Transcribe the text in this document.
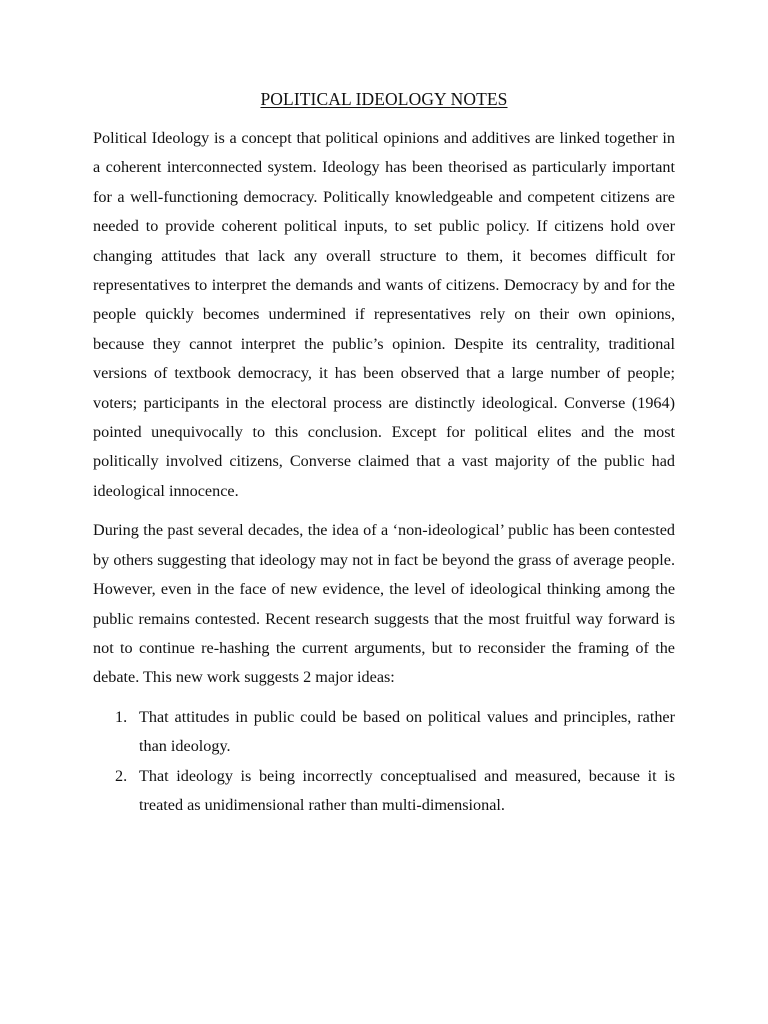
POLITICAL IDEOLOGY NOTES

Political Ideology is a concept that political opinions and additives are linked together in a coherent interconnected system. Ideology has been theorised as particularly important for a well-functioning democracy. Politically knowledgeable and competent citizens are needed to provide coherent political inputs, to set public policy. If citizens hold over changing attitudes that lack any overall structure to them, it becomes difficult for representatives to interpret the demands and wants of citizens. Democracy by and for the people quickly becomes undermined if representatives rely on their own opinions, because they cannot interpret the public’s opinion. Despite its centrality, traditional versions of textbook democracy, it has been observed that a large number of people; voters; participants in the electoral process are distinctly ideological. Converse (1964) pointed unequivocally to this conclusion. Except for political elites and the most politically involved citizens, Converse claimed that a vast majority of the public had ideological innocence.

During the past several decades, the idea of a ‘non-ideological’ public has been contested by others suggesting that ideology may not in fact be beyond the grass of average people. However, even in the face of new evidence, the level of ideological thinking among the public remains contested. Recent research suggests that the most fruitful way forward is not to continue re-hashing the current arguments, but to reconsider the framing of the debate. This new work suggests 2 major ideas:

1. That attitudes in public could be based on political values and principles, rather than ideology.
2. That ideology is being incorrectly conceptualised and measured, because it is treated as unidimensional rather than multi-dimensional.
